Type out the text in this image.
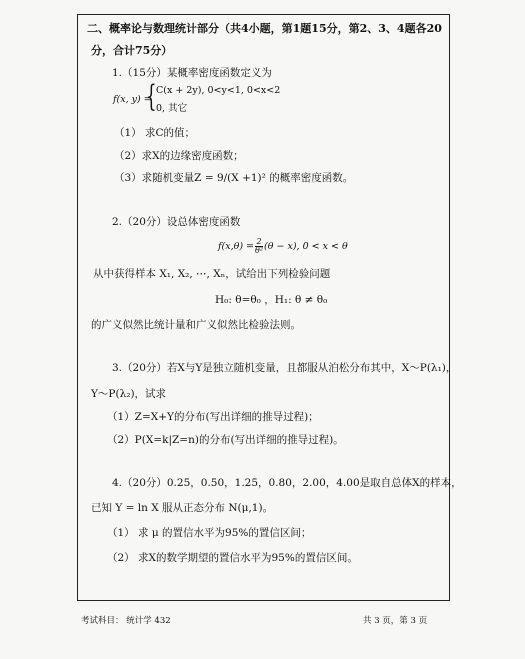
二、概率论与数理统计部分（共4小题，第1题15分，第2、3、4题各20
分，合计75分）
1.（15分）某概率密度函数定义为
f(x, y) =
{ C(x + 2y), 0<y<1, 0<x<2
0, 其它
（1） 求C的值；
（2）求X的边缘密度函数；
（3）求随机变量Z = 9/(X +1)² 的概率密度函数。
2.（20分）设总体密度函数
$f(x,\theta) = \frac{2}{\text{θ²}} (\theta - x)$, 0 < x < θ
从中获得样本 X₁, X₂, ⋯, Xₙ，试给出下列检验问题
H₀: θ=θ₀ ，H₁: θ ≠ θ₀
的广义似然比统计量和广义似然比检验法则。
3.（20分）若X与Y是独立随机变量，且都服从泊松分布其中，X～P(λ₁)，
Y～P(λ₂)，试求
（1）Z=X+Y的分布(写出详细的推导过程)；
（2）P(X=k|Z=n)的分布(写出详细的推导过程)。
4.（20分）0.25，0.50，1.25，0.80，2.00，4.00是取自总体X的样本，
已知 Y = ln X 服从正态分布 N(μ,1)。
（1） 求 μ 的置信水平为95%的置信区间；
（2） 求X的数学期望的置信水平为95%的置信区间。
考试科目： 统计学 432	共 3 页，第 3 页
